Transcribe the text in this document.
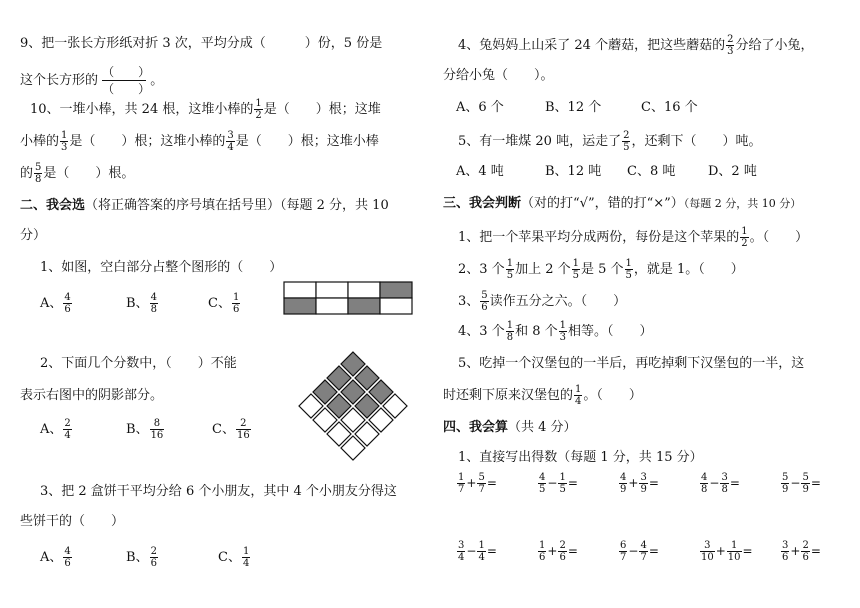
9、把一张长方形纸对折 3 次，平均分成（　　　）份，5 份是
这个长方形的 $\frac{( )}{( )}$ 。
10、一堆小棒，共 24 根，这堆小棒的 $\frac{1}{2}$ 是（　　）根；这堆
小棒的 $\frac{1}{3}$ 是（　　）根；这堆小棒的 $\frac{3}{4}$ 是（　　）根；这堆小棒
的 $\frac{5}{8}$ 是（　　）根。
二、我会选（将正确答案的序号填在括号里）（每题 2 分，共 10
分）
1、如图，空白部分占整个图形的（　　）
A、 $\frac{4}{6}$	B、 $\frac{4}{8}$	C、 $\frac{1}{6}$
2、下面几个分数中，（　　）不能
表示右图中的阴影部分。
A、 $\frac{2}{4}$	B、 $\frac{8}{16}$	C、 $\frac{2}{16}$
3、把 2 盒饼干平均分给 6 个小朋友，其中 4 个小朋友分得这
些饼干的（　　）
A、 $\frac{4}{6}$	B、 $\frac{2}{6}$	C、 $\frac{1}{4}$
4、兔妈妈上山采了 24 个蘑菇，把这些蘑菇的 $\frac{2}{3}$ 分给了小兔，
分给小兔（　　）。
A、6 个	B、12 个	C、16 个
5、有一堆煤 20 吨，运走了 $\frac{2}{5}$ ，还剩下（　　）吨。
A、4 吨	B、12 吨 C、8 吨	D、2 吨
三、我会判断（对的打“√”，错的打“×”）（每题 2 分，共 10 分）
1、把一个苹果平均分成两份，每份是这个苹果的 $\frac{1}{2}$ 。（　　）
2、3 个 $\frac{1}{5}$ 加上 2 个 $\frac{1}{5}$ 是 5 个 $\frac{1}{5}$ ，就是 1。（　　）
3、 $\frac{5}{6}$ 读作五分之六。（　　）
4、3 个 $\frac{1}{8}$ 和 8 个 $\frac{1}{3}$ 相等。（　　）
5、吃掉一个汉堡包的一半后，再吃掉剩下汉堡包的一半，这
时还剩下原来汉堡包的 $\frac{1}{4}$ 。（　　）
四、我会算（共 4 分）
1、直接写出得数（每题 1 分，共 15 分）
$\frac{1}{7} + \frac{5}{7}$ =	$\frac{4}{5} - \frac{1}{5}$ =	$\frac{4}{9} + \frac{3}{9}$ =	$\frac{4}{8} - \frac{3}{8}$ =	$\frac{5}{9} - \frac{5}{9}$ =
$\frac{3}{4} - \frac{1}{4}$ =	$\frac{1}{6} + \frac{2}{6}$ =	$\frac{6}{7} - \frac{4}{7}$ =	$\frac{3}{10} + \frac{1}{10}$ =	$\frac{3}{6} + \frac{2}{6}$ =
